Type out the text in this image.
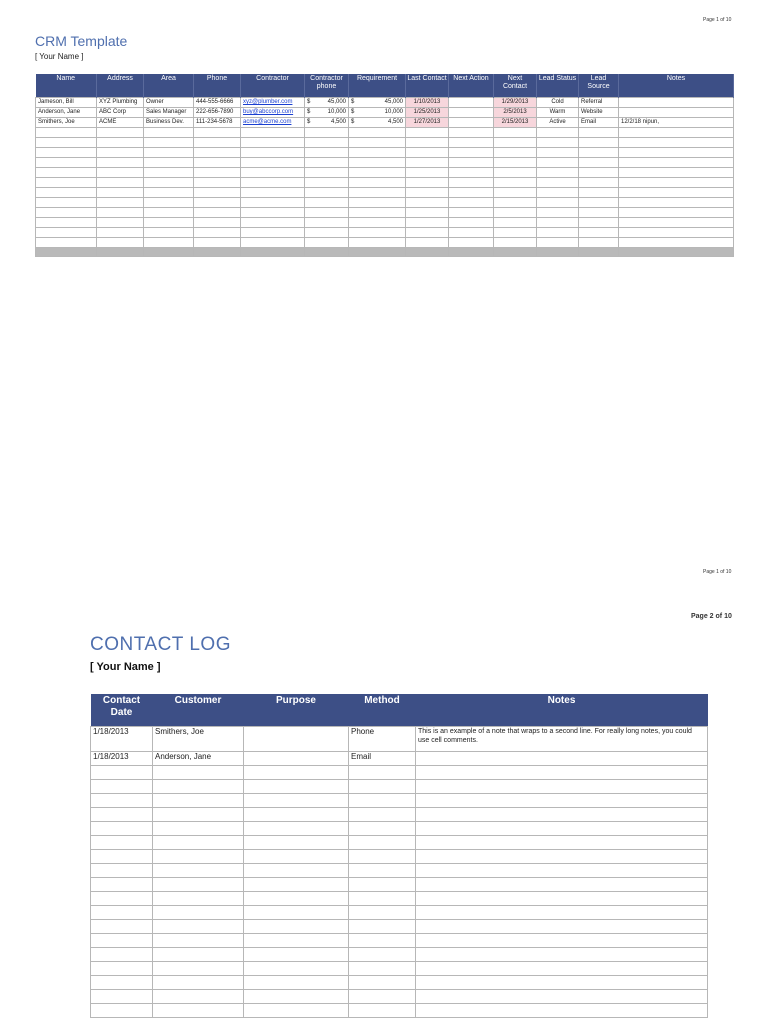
Page 1 of 10
CRM Template
[ Your Name ]
Name	Address	Area	Phone	Contractor	Contractor phone	Requirement	Last Contact	Next Action	Next Contact	Lead Status	Lead Source	Notes
Jameson, Bill	XYZ Plumbing	Owner	444-555-6666	xyz@plumber.com	$ 45,000	$ 45,000	1/10/2013		1/29/2013	Cold	Referral	
Anderson, Jane	ABC Corp	Sales Manager	222-656-7890	buy@abccorp.com	$ 10,000	$ 10,000	1/25/2013		2/5/2013	Warm	Website	
Smithers, Joe	ACME	Business Dev.	111-234-5678	acme@acme.com	$ 4,500	$ 4,500	1/27/2013		2/15/2013	Active	Email	12/2/18 nipun,

Page 1 of 10
Page 2 of 10
CONTACT LOG
[ Your Name ]
Contact Date	Customer	Purpose	Method	Notes
1/18/2013	Smithers, Joe		Phone	This is an example of a note that wraps to a second line. For really long notes, you could use cell comments.
1/18/2013	Anderson, Jane		Email	
